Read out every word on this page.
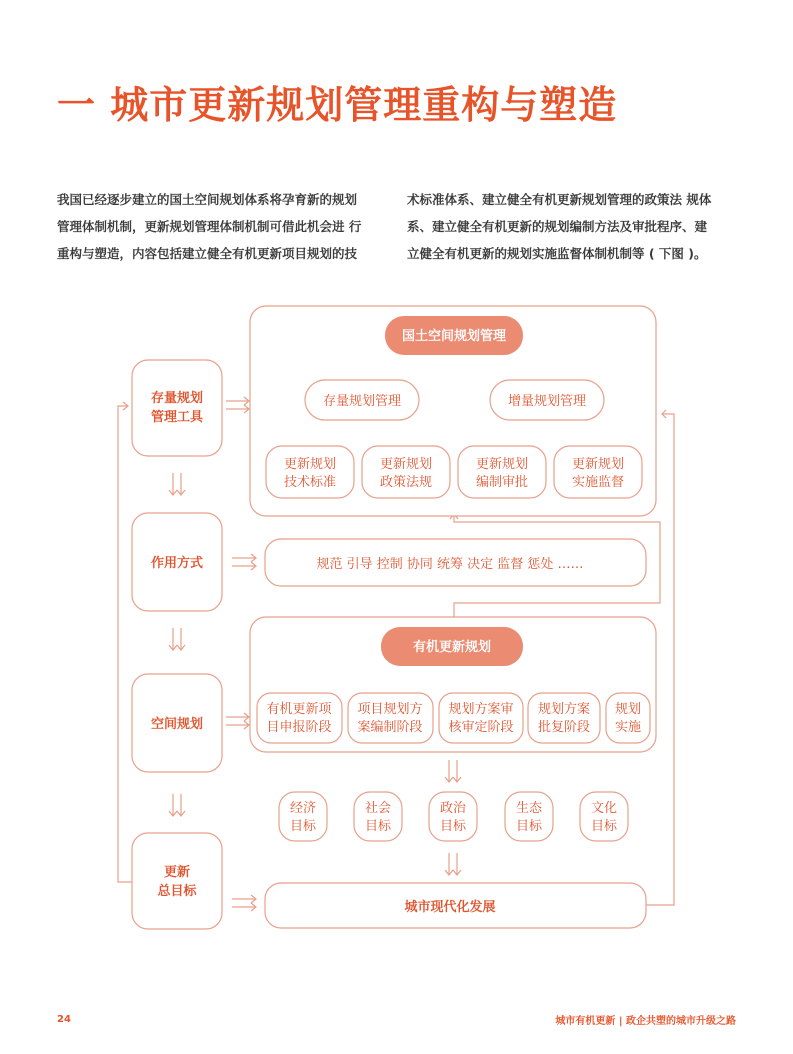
一 城市更新规划管理重构与塑造
我国已经逐步建立的国土空间规划体系将孕育新的规划
管理体制机制，更新规划管理体制机制可借此机会进 行
重构与塑造，内容包括建立健全有机更新项目规划的技
术标准体系、建立健全有机更新规划管理的政策法 规体
系、建立健全有机更新的规划编制方法及审批程序、建
立健全有机更新的规划实施监督体制机制等 ( 下图 )。
存量规划
管理工具
作用方式
空间规划
更新
总目标
国土空间规划管理
存量规划管理	增量规划管理
更新规划
技术标准
更新规划
政策法规
更新规划
编制审批
更新规划
实施监督
规范 引导 控制 协同 统筹 决定 监督 惩处 ……
有机更新规划
有机更新项
目申报阶段
项目规划方
案编制阶段
规划方案审
核审定阶段
规划方案
批复阶段
规划
实施
经济
目标
社会
目标
政治
目标
生态
目标
文化
目标
城市现代化发展
24	城市有机更新 | 政企共塑的城市升级之路
